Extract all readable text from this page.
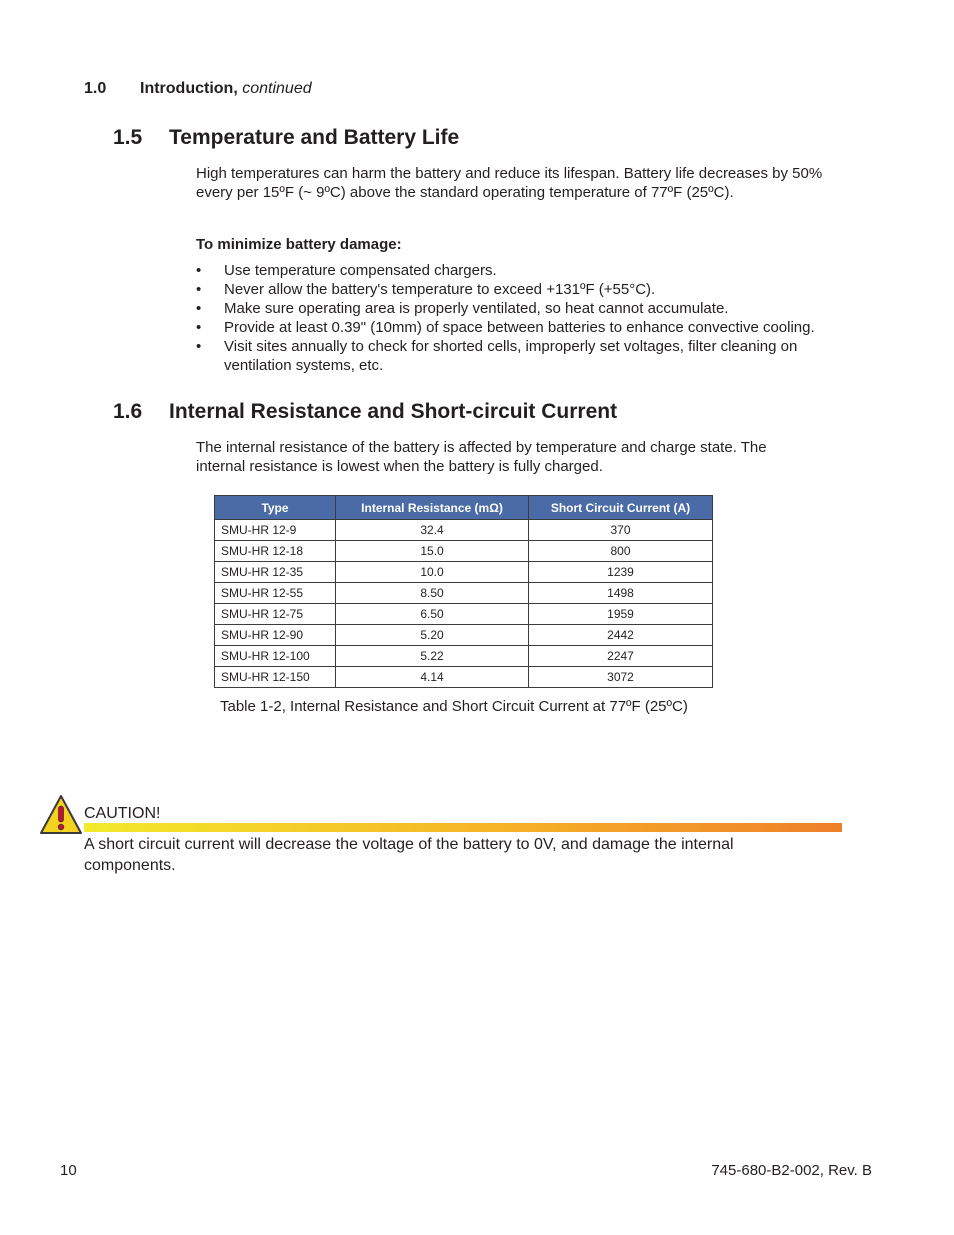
1.0 Introduction, continued
1.5 Temperature and Battery Life
High temperatures can harm the battery and reduce its lifespan. Battery life decreases by 50% every per 15ºF (~ 9ºC) above the standard operating temperature of 77ºF (25ºC).
To minimize battery damage:
• Use temperature compensated chargers.
• Never allow the battery's temperature to exceed +131ºF (+55°C).
• Make sure operating area is properly ventilated, so heat cannot accumulate.
• Provide at least 0.39" (10mm) of space between batteries to enhance convective cooling.
• Visit sites annually to check for shorted cells, improperly set voltages, filter cleaning on ventilation systems, etc.
1.6 Internal Resistance and Short-circuit Current
The internal resistance of the battery is affected by temperature and charge state. The internal resistance is lowest when the battery is fully charged.
Type	Internal Resistance (mΩ)	Short Circuit Current (A)
SMU-HR 12-9	32.4	370
SMU-HR 12-18	15.0	800
SMU-HR 12-35	10.0	1239
SMU-HR 12-55	8.50	1498
SMU-HR 12-75	6.50	1959
SMU-HR 12-90	5.20	2442
SMU-HR 12-100	5.22	2247
SMU-HR 12-150	4.14	3072
Table 1-2, Internal Resistance and Short Circuit Current at 77ºF (25ºC)
CAUTION!
A short circuit current will decrease the voltage of the battery to 0V, and damage the internal components.
10	745-680-B2-002, Rev. B
